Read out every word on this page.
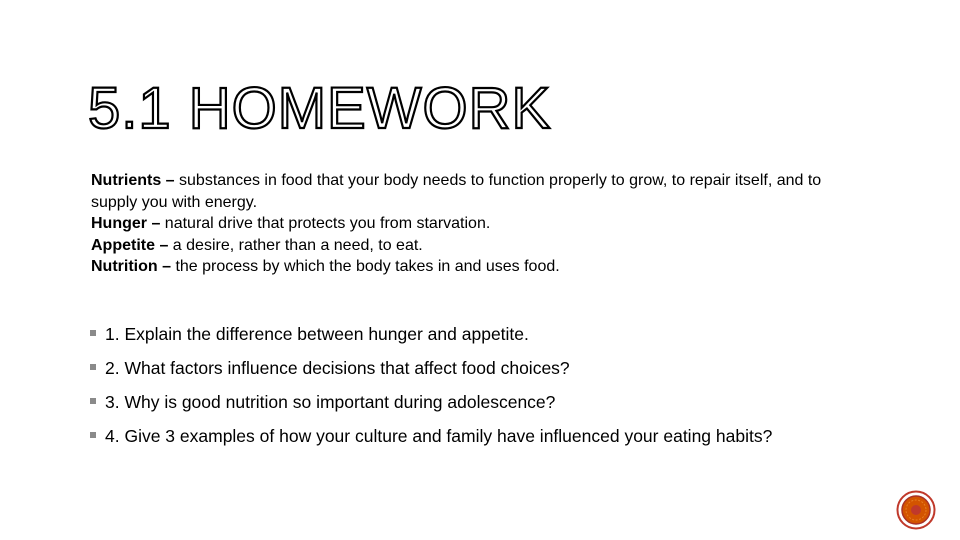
5.1 HOMEWORK

Nutrients – substances in food that your body needs to function properly to grow, to repair itself, and to supply you with energy.

Hunger – natural drive that protects you from starvation.

Appetite – a desire, rather than a need, to eat.

Nutrition – the process by which the body takes in and uses food.

1. Explain the difference between hunger and appetite.
2. What factors influence decisions that affect food choices?
3. Why is good nutrition so important during adolescence?
4. Give 3 examples of how your culture and family have influenced your eating habits?
